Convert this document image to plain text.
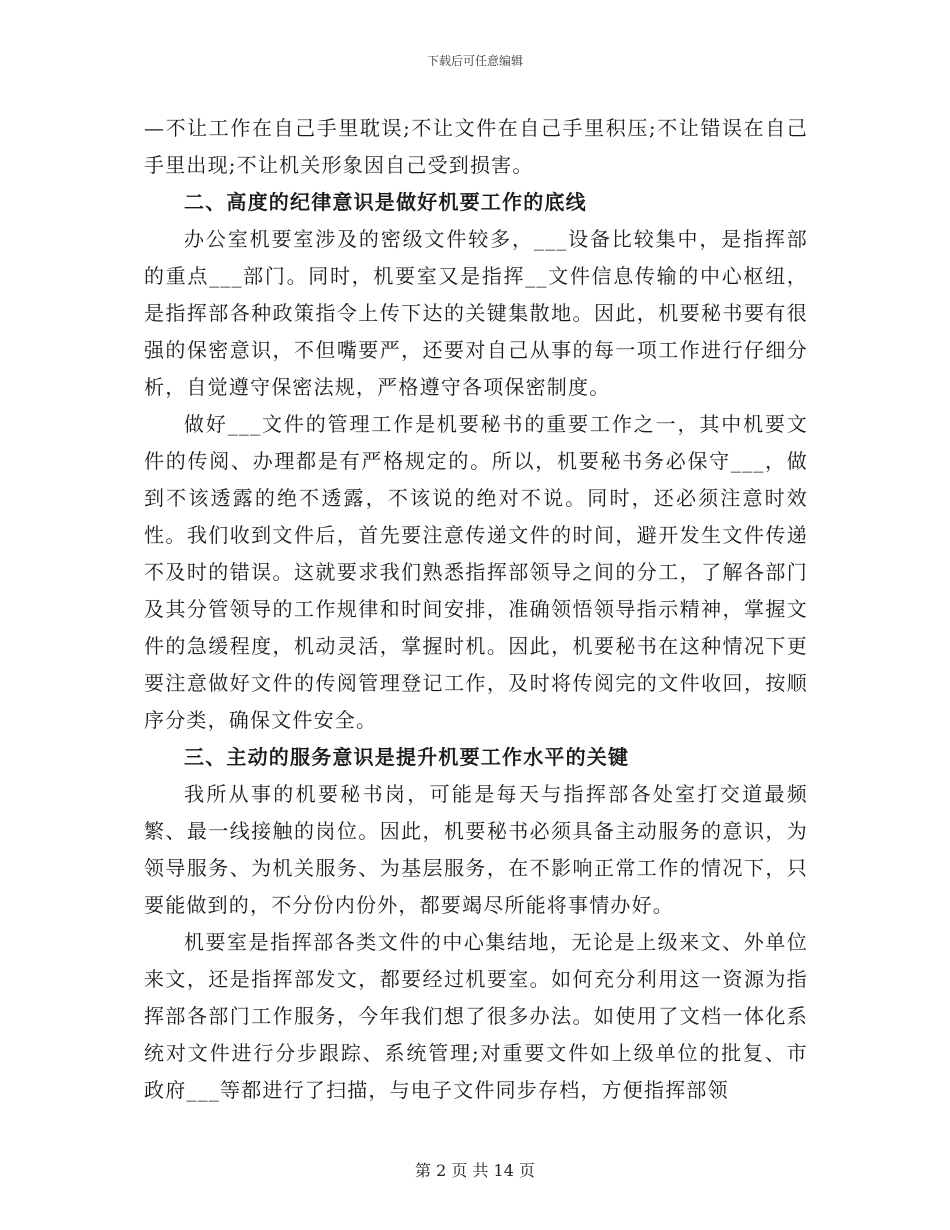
下载后可任意编辑

—不让工作在自己手里耽误;不让文件在自己手里积压;不让错误在自己手里出现;不让机关形象因自己受到损害。

二、高度的纪律意识是做好机要工作的底线

办公室机要室涉及的密级文件较多，___设备比较集中，是指挥部的重点___部门。同时，机要室又是指挥__文件信息传输的中心枢纽，是指挥部各种政策指令上传下达的关键集散地。因此，机要秘书要有很强的保密意识，不但嘴要严，还要对自己从事的每一项工作进行仔细分析，自觉遵守保密法规，严格遵守各项保密制度。

做好___文件的管理工作是机要秘书的重要工作之一，其中机要文件的传阅、办理都是有严格规定的。所以，机要秘书务必保守___，做到不该透露的绝不透露，不该说的绝对不说。同时，还必须注意时效性。我们收到文件后，首先要注意传递文件的时间，避开发生文件传递不及时的错误。这就要求我们熟悉指挥部领导之间的分工，了解各部门及其分管领导的工作规律和时间安排，准确领悟领导指示精神，掌握文件的急缓程度，机动灵活，掌握时机。因此，机要秘书在这种情况下更要注意做好文件的传阅管理登记工作，及时将传阅完的文件收回，按顺序分类，确保文件安全。

三、主动的服务意识是提升机要工作水平的关键

我所从事的机要秘书岗，可能是每天与指挥部各处室打交道最频繁、最一线接触的岗位。因此，机要秘书必须具备主动服务的意识，为领导服务、为机关服务、为基层服务，在不影响正常工作的情况下，只要能做到的，不分份内份外，都要竭尽所能将事情办好。

机要室是指挥部各类文件的中心集结地，无论是上级来文、外单位来文，还是指挥部发文，都要经过机要室。如何充分利用这一资源为指挥部各部门工作服务，今年我们想了很多办法。如使用了文档一体化系统对文件进行分步跟踪、系统管理;对重要文件如上级单位的批复、市政府___等都进行了扫描，与电子文件同步存档，方便指挥部领

第 2 页 共 14 页
